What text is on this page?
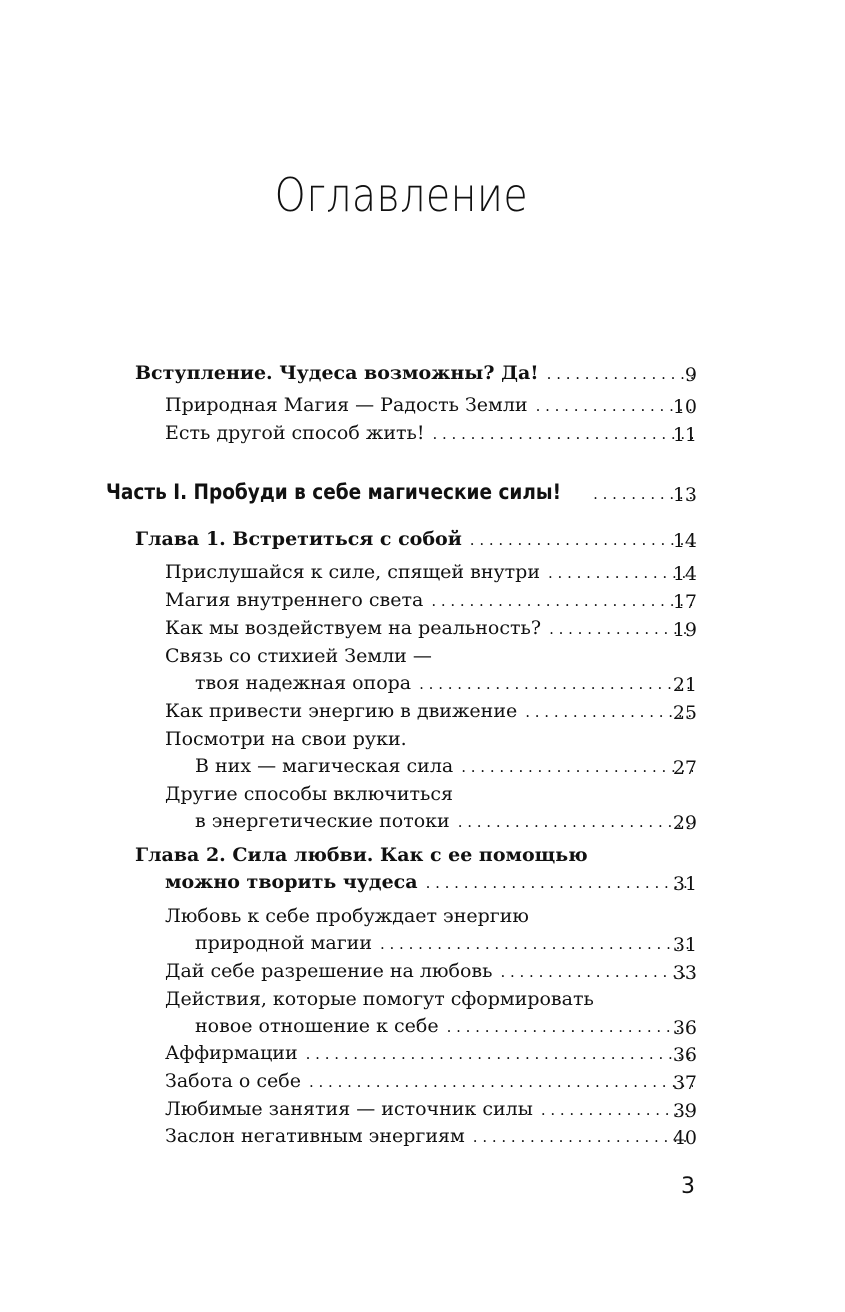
Оглавление
Вступление. Чудеса возможны? Да! . . .	9
Природная Магия — Радость Земли . . .	10
Есть другой способ жить! . . .	11
Часть I. Пробуди в себе магические силы! . . .	13
Глава 1. Встретиться с собой . . .	14
Прислушайся к силе, спящей внутри . . .	14
Магия внутреннего света . . .	17
Как мы воздействуем на реальность? . . .	19
Связь со стихией Земли —
твоя надежная опора . . .	21
Как привести энергию в движение . . .	25
Посмотри на свои руки.
В них — магическая сила . . .	27
Другие способы включиться
в энергетические потоки . . .	29
Глава 2. Сила любви. Как с ее помощью
можно творить чудеса . . .	31
Любовь к себе пробуждает энергию
природной магии . . .	31
Дай себе разрешение на любовь . . .	33
Действия, которые помогут сформировать
новое отношение к себе . . .	36
Аффирмации . . .	36
Забота о себе . . .	37
Любимые занятия — источник силы . . .	39
Заслон негативным энергиям . . .	40
3
